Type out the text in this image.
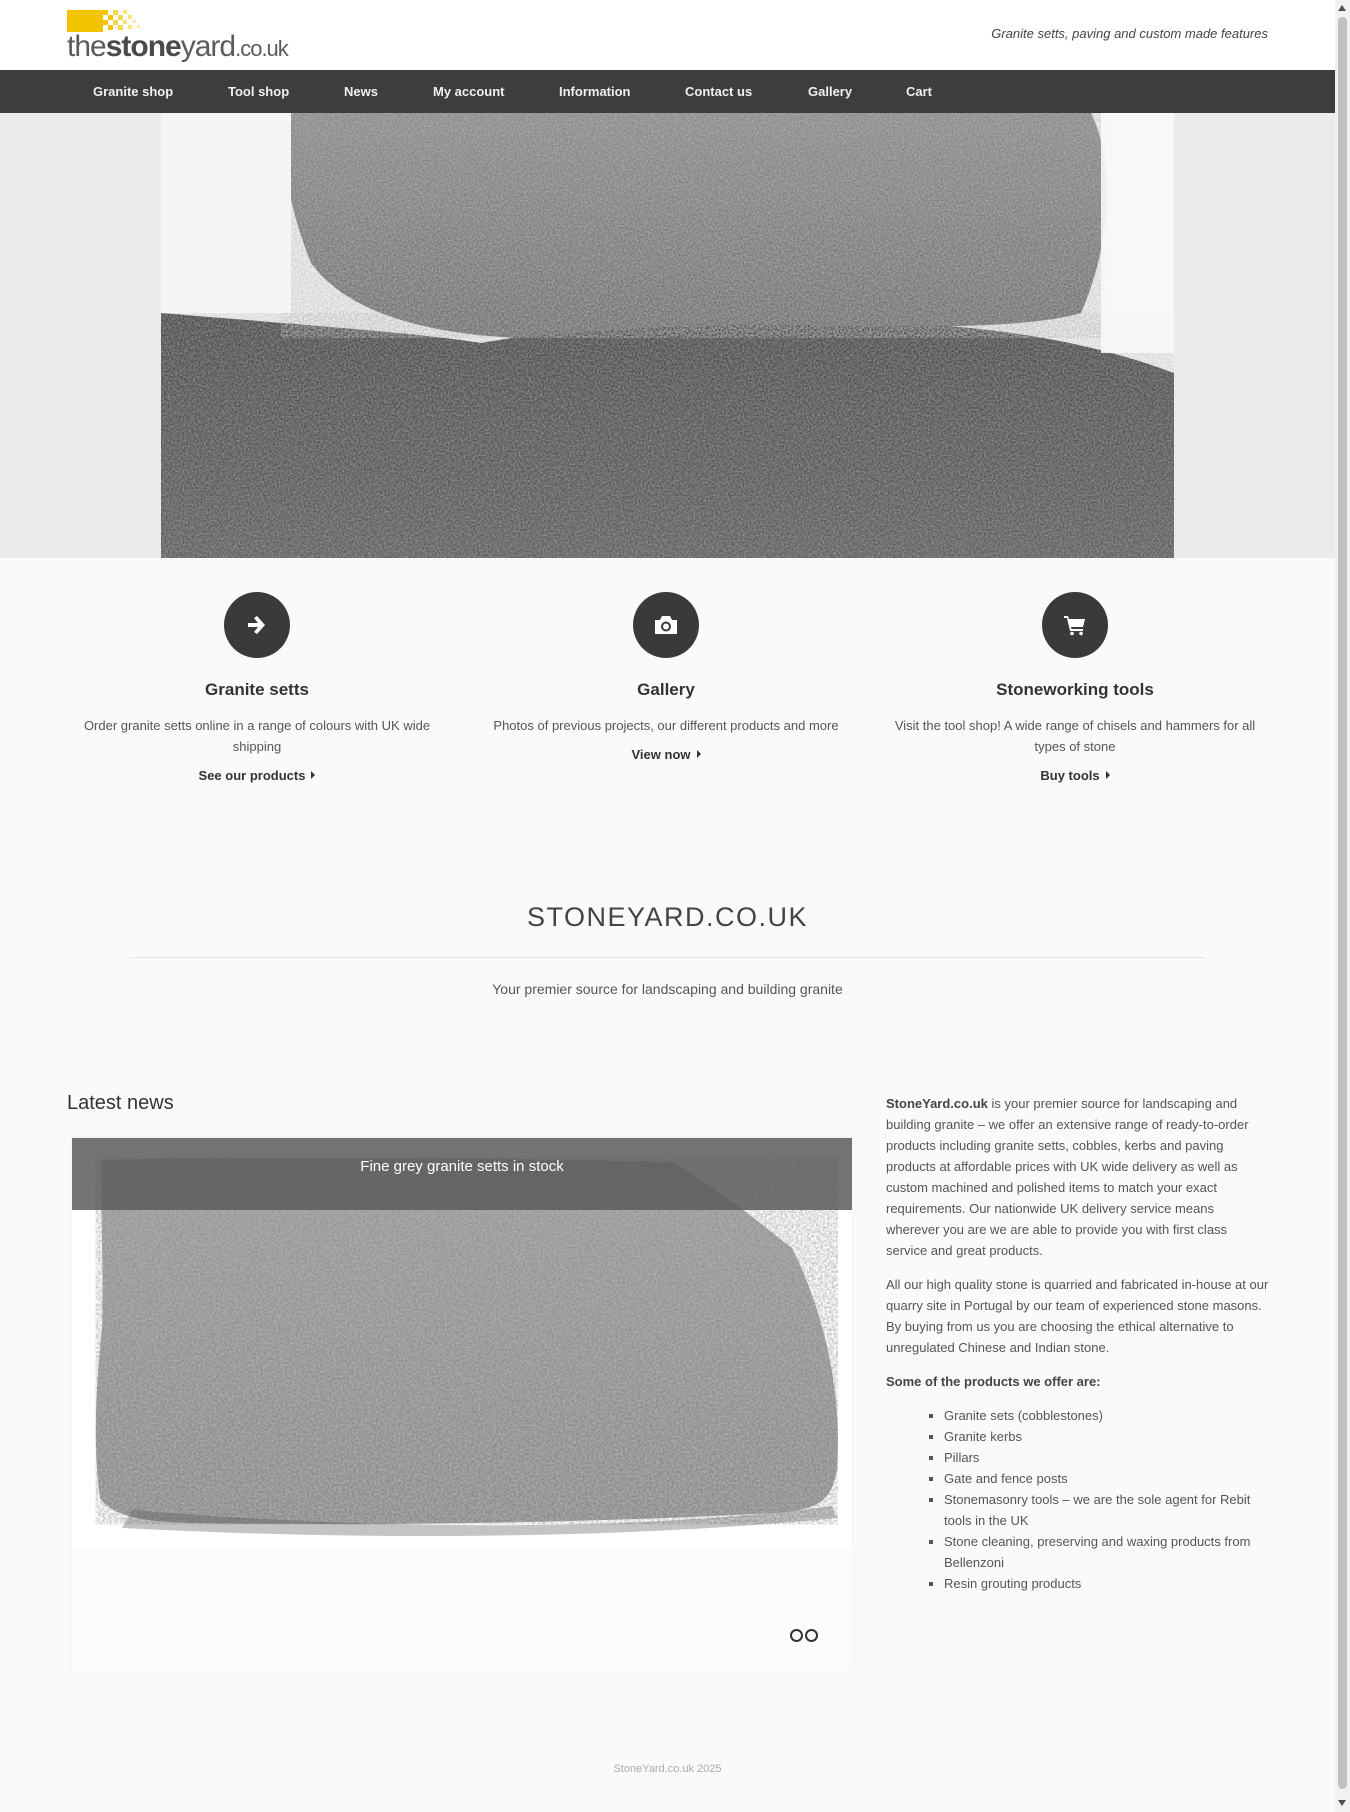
thestoneyard.co.uk
Granite setts, paving and custom made features
Granite shop	Tool shop	News	My account	Information	Contact us	Gallery	Cart
Granite setts

Order granite setts online in a range of colours with UK wide shipping

See our products
Gallery

Photos of previous projects, our different products and more

View now
Stoneworking tools

Visit the tool shop! A wide range of chisels and hammers for all types of stone

Buy tools
STONEYARD.CO.UK
Your premier source for landscaping and building granite
Latest news
Fine grey granite setts in stock

StoneYard.co.uk is your premier source for landscaping and building granite – we offer an extensive range of ready-to-order products including granite setts, cobbles, kerbs and paving products at affordable prices with UK wide delivery as well as custom machined and polished items to match your exact requirements. Our nationwide UK delivery service means wherever you are we are able to provide you with first class service and great products.

All our high quality stone is quarried and fabricated in-house at our quarry site in Portugal by our team of experienced stone masons. By buying from us you are choosing the ethical alternative to unregulated Chinese and Indian stone.

Some of the products we offer are:

▪ Granite sets (cobblestones)
▪ Granite kerbs
▪ Pillars
▪ Gate and fence posts
▪ Stonemasonry tools – we are the sole agent for Rebit tools in the UK
▪ Stone cleaning, preserving and waxing products from Bellenzoni
▪ Resin grouting products
StoneYard.co.uk 2025
